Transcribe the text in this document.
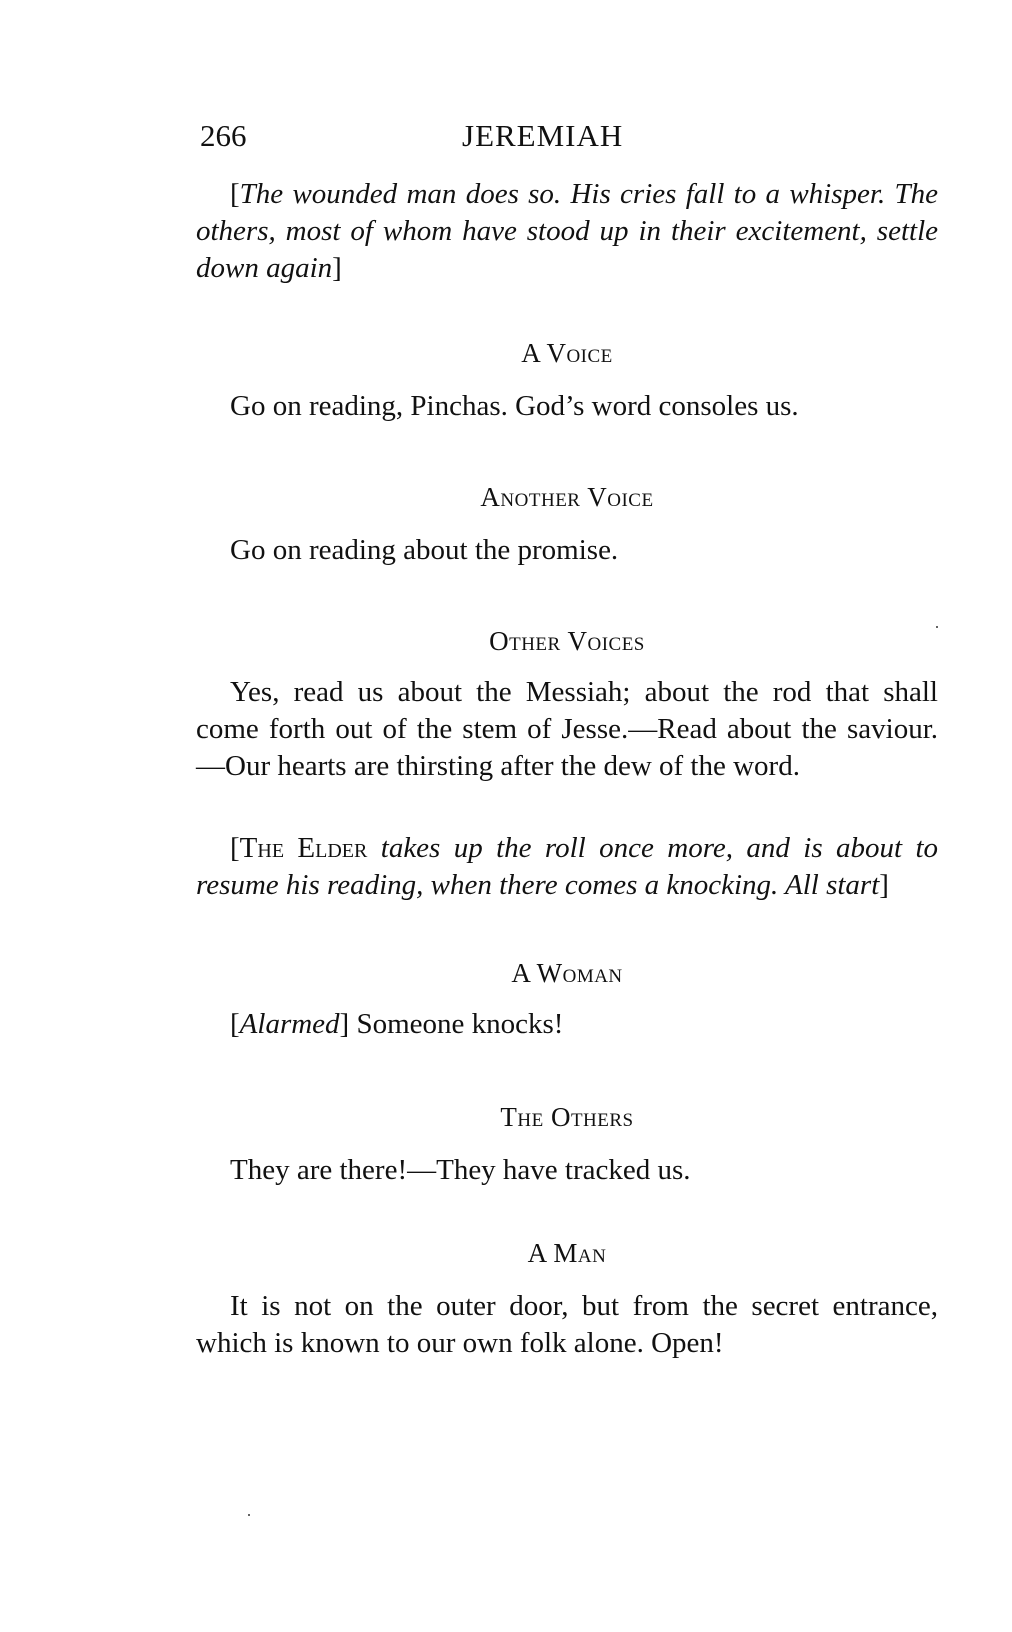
266	JEREMIAH
[The wounded man does so. His cries fall to a whisper. The others, most of whom have stood up in their excitement, settle down again]
A Voice
Go on reading, Pinchas. God’s word consoles us.
Another Voice
Go on reading about the promise.
Other Voices
Yes, read us about the Messiah; about the rod that shall come forth out of the stem of Jesse.—Read about the saviour.—Our hearts are thirsting after the dew of the word.
[The Elder takes up the roll once more, and is about to resume his reading, when there comes a knocking. All start]
A Woman
[Alarmed] Someone knocks!
The Others
They are there!—They have tracked us.
A Man
It is not on the outer door, but from the secret entrance, which is known to our own folk alone. Open!
